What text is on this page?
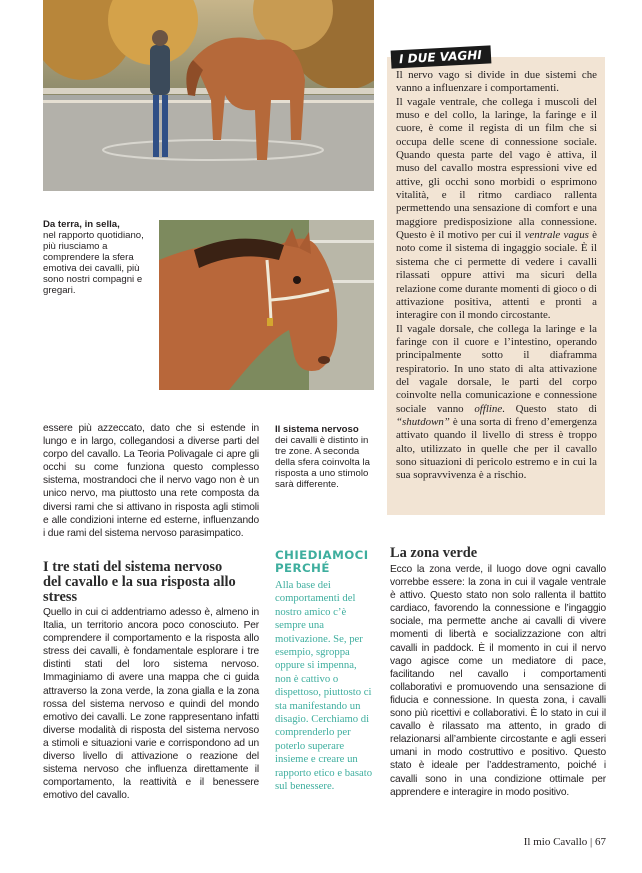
Da terra, in sella,
nel rapporto quotidiano, più riusciamo a comprendere la sfera emotiva dei cavalli, più sono nostri compagni e gregari.
essere più azzeccato, dato che si estende in lungo e in largo, collegandosi a diverse parti del corpo del cavallo. La Teoria Polivagale ci apre gli occhi su come funziona questo complesso sistema, mostrandoci che il nervo vago non è un unico nervo, ma piuttosto una rete composta da diversi rami che si attivano in risposta agli stimoli e alle condizioni interne ed esterne, influenzando i due rami del sistema nervoso parasimpatico.
Il sistema nervoso
dei cavalli è distinto in tre zone. A seconda della sfera coinvolta la risposta a uno stimolo sarà differente.
I tre stati del sistema nervoso del cavallo e la sua risposta allo stress
Quello in cui ci addentriamo adesso è, almeno in Italia, un territorio ancora poco conosciuto. Per comprendere il comportamento e la risposta allo stress dei cavalli, è fondamentale esplorare i tre distinti stati del loro sistema nervoso. Immaginiamo di avere una mappa che ci guida attraverso la zona verde, la zona gialla e la zona rossa del sistema nervoso e quindi del mondo emotivo dei cavalli. Le zone rappresentano infatti diverse modalità di risposta del sistema nervoso a stimoli e situazioni varie e corrispondono ad un diverso livello di attivazione o reazione del sistema nervoso che influenza direttamente il comportamento, la reattività e il benessere emotivo del cavallo.
CHIEDIAMOCI PERCHÉ
Alla base dei comportamenti del nostro amico c’è sempre una motivazione. Se, per esempio, sgroppa oppure si impenna, non è cattivo o dispettoso, piuttosto ci sta manifestando un disagio. Cerchiamo di comprenderlo per poterlo superare insieme e creare un rapporto etico e basato sul benessere.
I DUE VAGHI

Il nervo vago si divide in due sistemi che vanno a influenzare i comportamenti.

Il vagale ventrale, che collega i muscoli del muso e del collo, la laringe, la faringe e il cuore, è come il regista di un film che si occupa delle scene di connessione sociale. Quando questa parte del vago è attiva, il muso del cavallo mostra espressioni vive ed attive, gli occhi sono morbidi o esprimono vitalità, e il ritmo cardiaco rallenta permettendo una sensazione di comfort e una maggiore predisposizione alla connessione. Questo è il motivo per cui il ventrale vagus è noto come il sistema di ingaggio sociale. È il sistema che ci permette di vedere i cavalli rilassati oppure attivi ma sicuri della relazione come durante momenti di gioco o di attivazione positiva, attenti e pronti a interagire con il mondo circostante.

Il vagale dorsale, che collega la laringe e la faringe con il cuore e l’intestino, operando principalmente sotto il diaframma respiratorio. In uno stato di alta attivazione del vagale dorsale, le parti del corpo coinvolte nella comunicazione e connessione sociale vanno offline. Questo stato di “shutdown” è una sorta di freno d’emergenza attivato quando il livello di stress è troppo alto, utilizzato in quelle che per il cavallo sono situazioni di pericolo estremo e in cui la sua sopravvivenza è a rischio.

La zona verde
Ecco la zona verde, il luogo dove ogni cavallo vorrebbe essere: la zona in cui il vagale ventrale è attivo. Questo stato non solo rallenta il battito cardiaco, favorendo la connessione e l’ingaggio sociale, ma permette anche ai cavalli di vivere momenti di libertà e socializzazione con altri cavalli in paddock. È il momento in cui il nervo vago agisce come un mediatore di pace, facilitando nel cavallo i comportamenti collaborativi e promuovendo una sensazione di fiducia e connessione. In questa zona, i cavalli sono più ricettivi e collaborativi. È lo stato in cui il cavallo è rilassato ma attento, in grado di relazionarsi all’ambiente circostante e agli esseri umani in modo costruttivo e positivo. Questo stato è ideale per l’addestramento, poiché i cavalli sono in una condizione ottimale per apprendere e interagire in modo positivo.
Il mio Cavallo | 67
